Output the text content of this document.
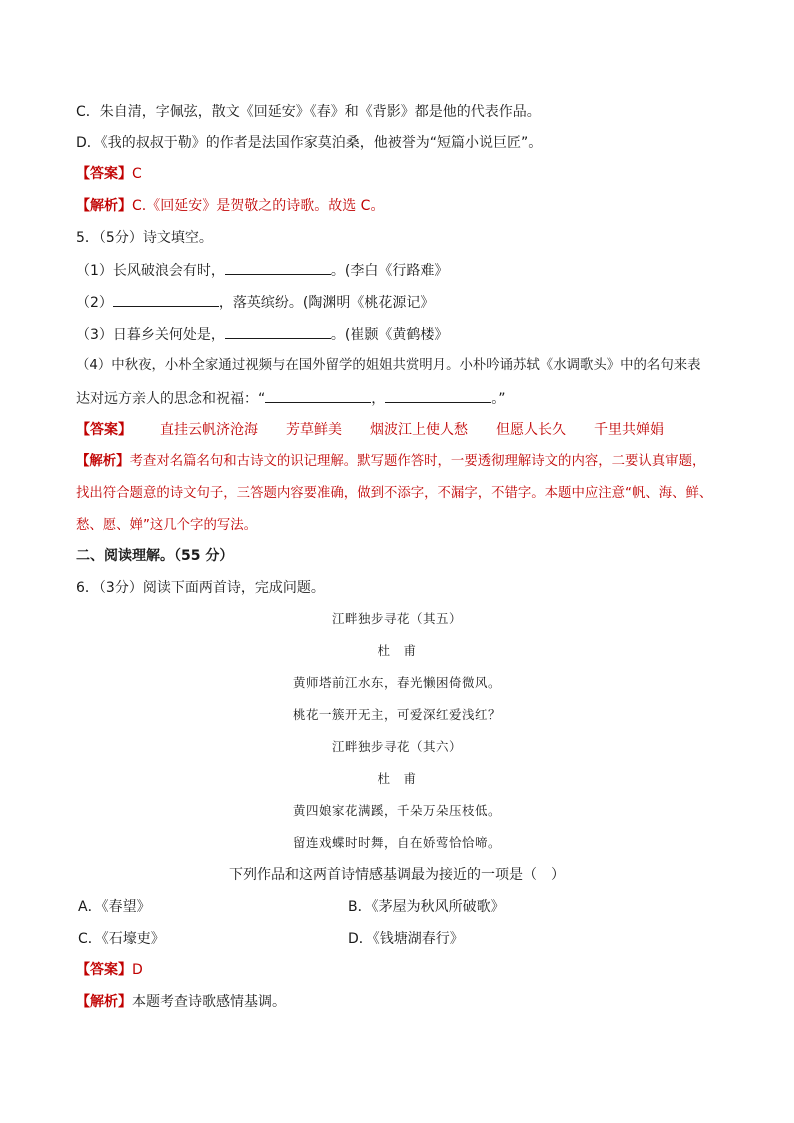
C．朱自清，字佩弦，散文《回延安》《春》和《背影》都是他的代表作品。
D．《我的叔叔于勒》的作者是法国作家莫泊桑，他被誉为“短篇小说巨匠”。
【答案】C
【解析】C.《回延安》是贺敬之的诗歌。故选 C。
5．（5分）诗文填空。
（1）长风破浪会有时，	。(李白《行路难》
（2）	，落英缤纷。(陶渊明《桃花源记》
（3）日暮乡关何处是，	。(崔颢《黄鹤楼》
（4）中秋夜，小朴全家通过视频与在国外留学的姐姐共赏明月。小朴吟诵苏轼《水调歌头》中的名句来表
达对远方亲人的思念和祝福：“	，	。”
【答案】 直挂云帆济沧海 芳草鲜美 烟波江上使人愁 但愿人长久 千里共婵娟
【解析】考查对名篇名句和古诗文的识记理解。默写题作答时，一要透彻理解诗文的内容，二要认真审题，
找出符合题意的诗文句子，三答题内容要准确，做到不添字，不漏字，不错字。本题中应注意“帆、海、鲜、
愁、愿、婵”这几个字的写法。
二、阅读理解。（55 分）
6．（3分）阅读下面两首诗，完成问题。
江畔独步寻花（其五）
杜　甫
黄师塔前江水东，春光懒困倚微风。
桃花一簇开无主，可爱深红爱浅红？
江畔独步寻花（其六）
杜　甫
黄四娘家花满蹊，千朵万朵压枝低。
留连戏蝶时时舞，自在娇莺恰恰啼。
下列作品和这两首诗情感基调最为接近的一项是（　）
A．《春望》	B．《茅屋为秋风所破歌》
C．《石壕吏》	D．《钱塘湖春行》
【答案】D
【解析】本题考查诗歌感情基调。
